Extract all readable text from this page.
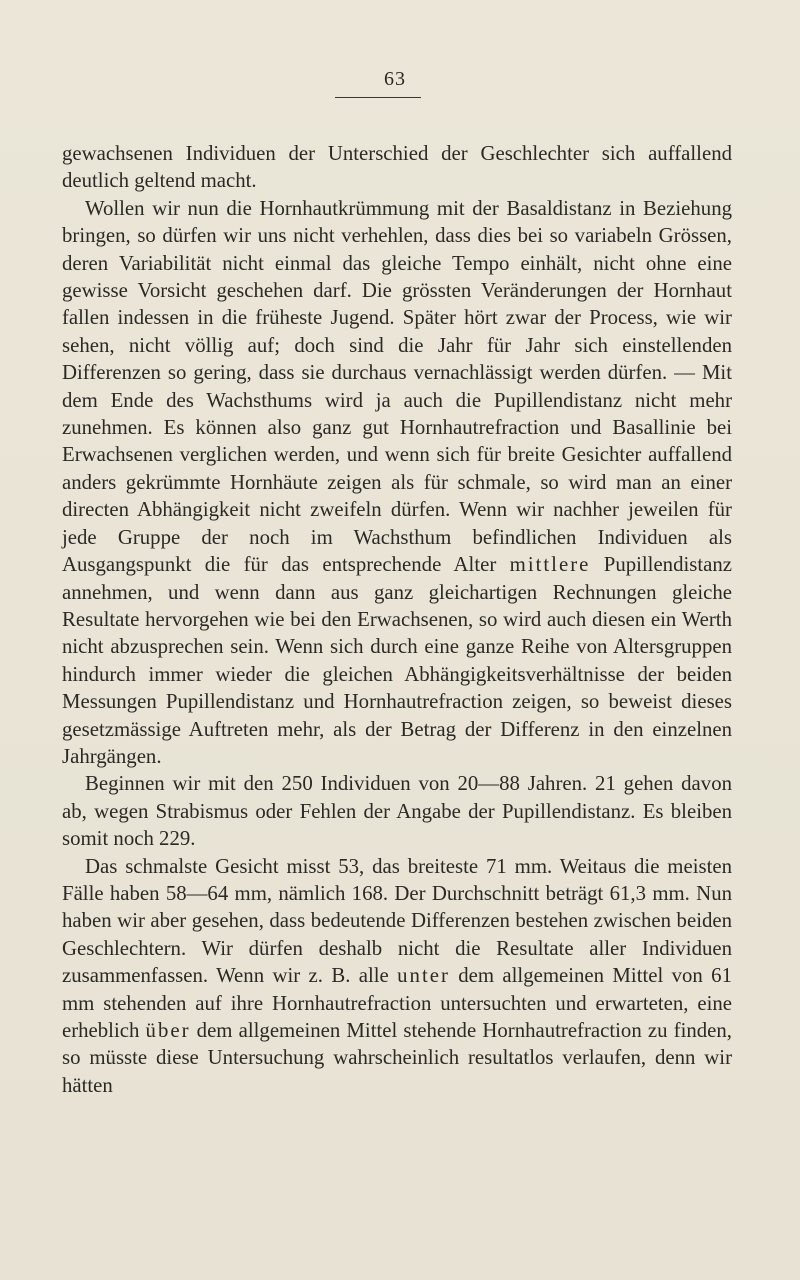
63

gewachsenen Individuen der Unterschied der Geschlechter sich auffallend deutlich geltend macht.

Wollen wir nun die Hornhautkrümmung mit der Basaldistanz in Beziehung bringen, so dürfen wir uns nicht verhehlen, dass dies bei so variabeln Grössen, deren Variabilität nicht einmal das gleiche Tempo einhält, nicht ohne eine gewisse Vorsicht geschehen darf. Die grössten Veränderungen der Hornhaut fallen indessen in die früheste Jugend. Später hört zwar der Process, wie wir sehen, nicht völlig auf; doch sind die Jahr für Jahr sich einstellenden Differenzen so gering, dass sie durchaus vernachlässigt werden dürfen. — Mit dem Ende des Wachsthums wird ja auch die Pupillendistanz nicht mehr zunehmen. Es können also ganz gut Hornhautrefraction und Basallinie bei Erwachsenen verglichen werden, und wenn sich für breite Gesichter auffallend anders gekrümmte Hornhäute zeigen als für schmale, so wird man an einer directen Abhängigkeit nicht zweifeln dürfen. Wenn wir nachher jeweilen für jede Gruppe der noch im Wachsthum befindlichen Individuen als Ausgangspunkt die für das entsprechende Alter mittlere Pupillendistanz annehmen, und wenn dann aus ganz gleichartigen Rechnungen gleiche Resultate hervorgehen wie bei den Erwachsenen, so wird auch diesen ein Werth nicht abzusprechen sein. Wenn sich durch eine ganze Reihe von Altersgruppen hindurch immer wieder die gleichen Abhängigkeitsverhältnisse der beiden Messungen Pupillendistanz und Hornhautrefraction zeigen, so beweist dieses gesetzmässige Auftreten mehr, als der Betrag der Differenz in den einzelnen Jahrgängen.

Beginnen wir mit den 250 Individuen von 20—88 Jahren. 21 gehen davon ab, wegen Strabismus oder Fehlen der Angabe der Pupillendistanz. Es bleiben somit noch 229.

Das schmalste Gesicht misst 53, das breiteste 71 mm. Weitaus die meisten Fälle haben 58—64 mm, nämlich 168. Der Durchschnitt beträgt 61,3 mm. Nun haben wir aber gesehen, dass bedeutende Differenzen bestehen zwischen beiden Geschlechtern. Wir dürfen deshalb nicht die Resultate aller Individuen zusammenfassen. Wenn wir z. B. alle unter dem allgemeinen Mittel von 61 mm stehenden auf ihre Hornhautrefraction untersuchten und erwarteten, eine erheblich über dem allgemeinen Mittel stehende Hornhautrefraction zu finden, so müsste diese Untersuchung wahrscheinlich resultatlos verlaufen, denn wir hätten
